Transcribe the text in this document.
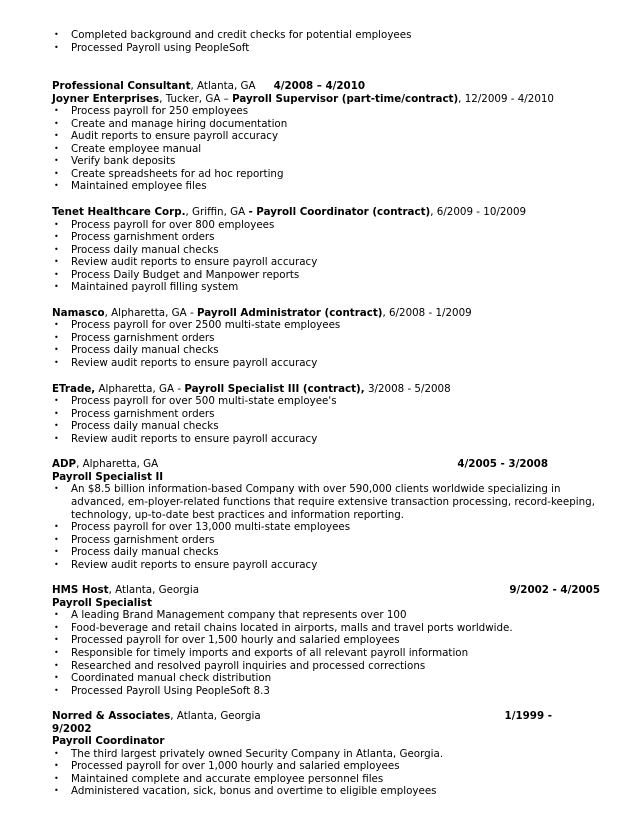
• Completed background and credit checks for potential employees
• Processed Payroll using PeopleSoft
Professional Consultant, Atlanta, GA 4/2008 – 4/2010
Joyner Enterprises, Tucker, GA – Payroll Supervisor (part-time/contract), 12/2009 - 4/2010
• Process payroll for 250 employees
• Create and manage hiring documentation
• Audit reports to ensure payroll accuracy
• Create employee manual
• Verify bank deposits
• Create spreadsheets for ad hoc reporting
• Maintained employee files
Tenet Healthcare Corp., Griffin, GA - Payroll Coordinator (contract), 6/2009 - 10/2009
• Process payroll for over 800 employees
• Process garnishment orders
• Process daily manual checks
• Review audit reports to ensure payroll accuracy
• Process Daily Budget and Manpower reports
• Maintained payroll filling system
Namasco, Alpharetta, GA - Payroll Administrator (contract), 6/2008 - 1/2009
• Process payroll for over 2500 multi-state employees
• Process garnishment orders
• Process daily manual checks
• Review audit reports to ensure payroll accuracy
ETrade, Alpharetta, GA - Payroll Specialist III (contract), 3/2008 - 5/2008
• Process payroll for over 500 multi-state employee's
• Process garnishment orders
• Process daily manual checks
• Review audit reports to ensure payroll accuracy
ADP, Alpharetta, GA	4/2005 - 3/2008
Payroll Specialist II
• An $8.5 billion information-based Company with over 590,000 clients worldwide specializing in advanced, em-ployer-related functions that require extensive transaction processing, record-keeping, technology, up-to-date best practices and information reporting.
• Process payroll for over 13,000 multi-state employees
• Process garnishment orders
• Process daily manual checks
• Review audit reports to ensure payroll accuracy
HMS Host, Atlanta, Georgia	9/2002 - 4/2005
Payroll Specialist
• A leading Brand Management company that represents over 100
• Food-beverage and retail chains located in airports, malls and travel ports worldwide.
• Processed payroll for over 1,500 hourly and salaried employees
• Responsible for timely imports and exports of all relevant payroll information
• Researched and resolved payroll inquiries and processed corrections
• Coordinated manual check distribution
• Processed Payroll Using PeopleSoft 8.3
Norred & Associates, Atlanta, Georgia	1/1999 -
9/2002
Payroll Coordinator
• The third largest privately owned Security Company in Atlanta, Georgia.
• Processed payroll for over 1,000 hourly and salaried employees
• Maintained complete and accurate employee personnel files
• Administered vacation, sick, bonus and overtime to eligible employees
